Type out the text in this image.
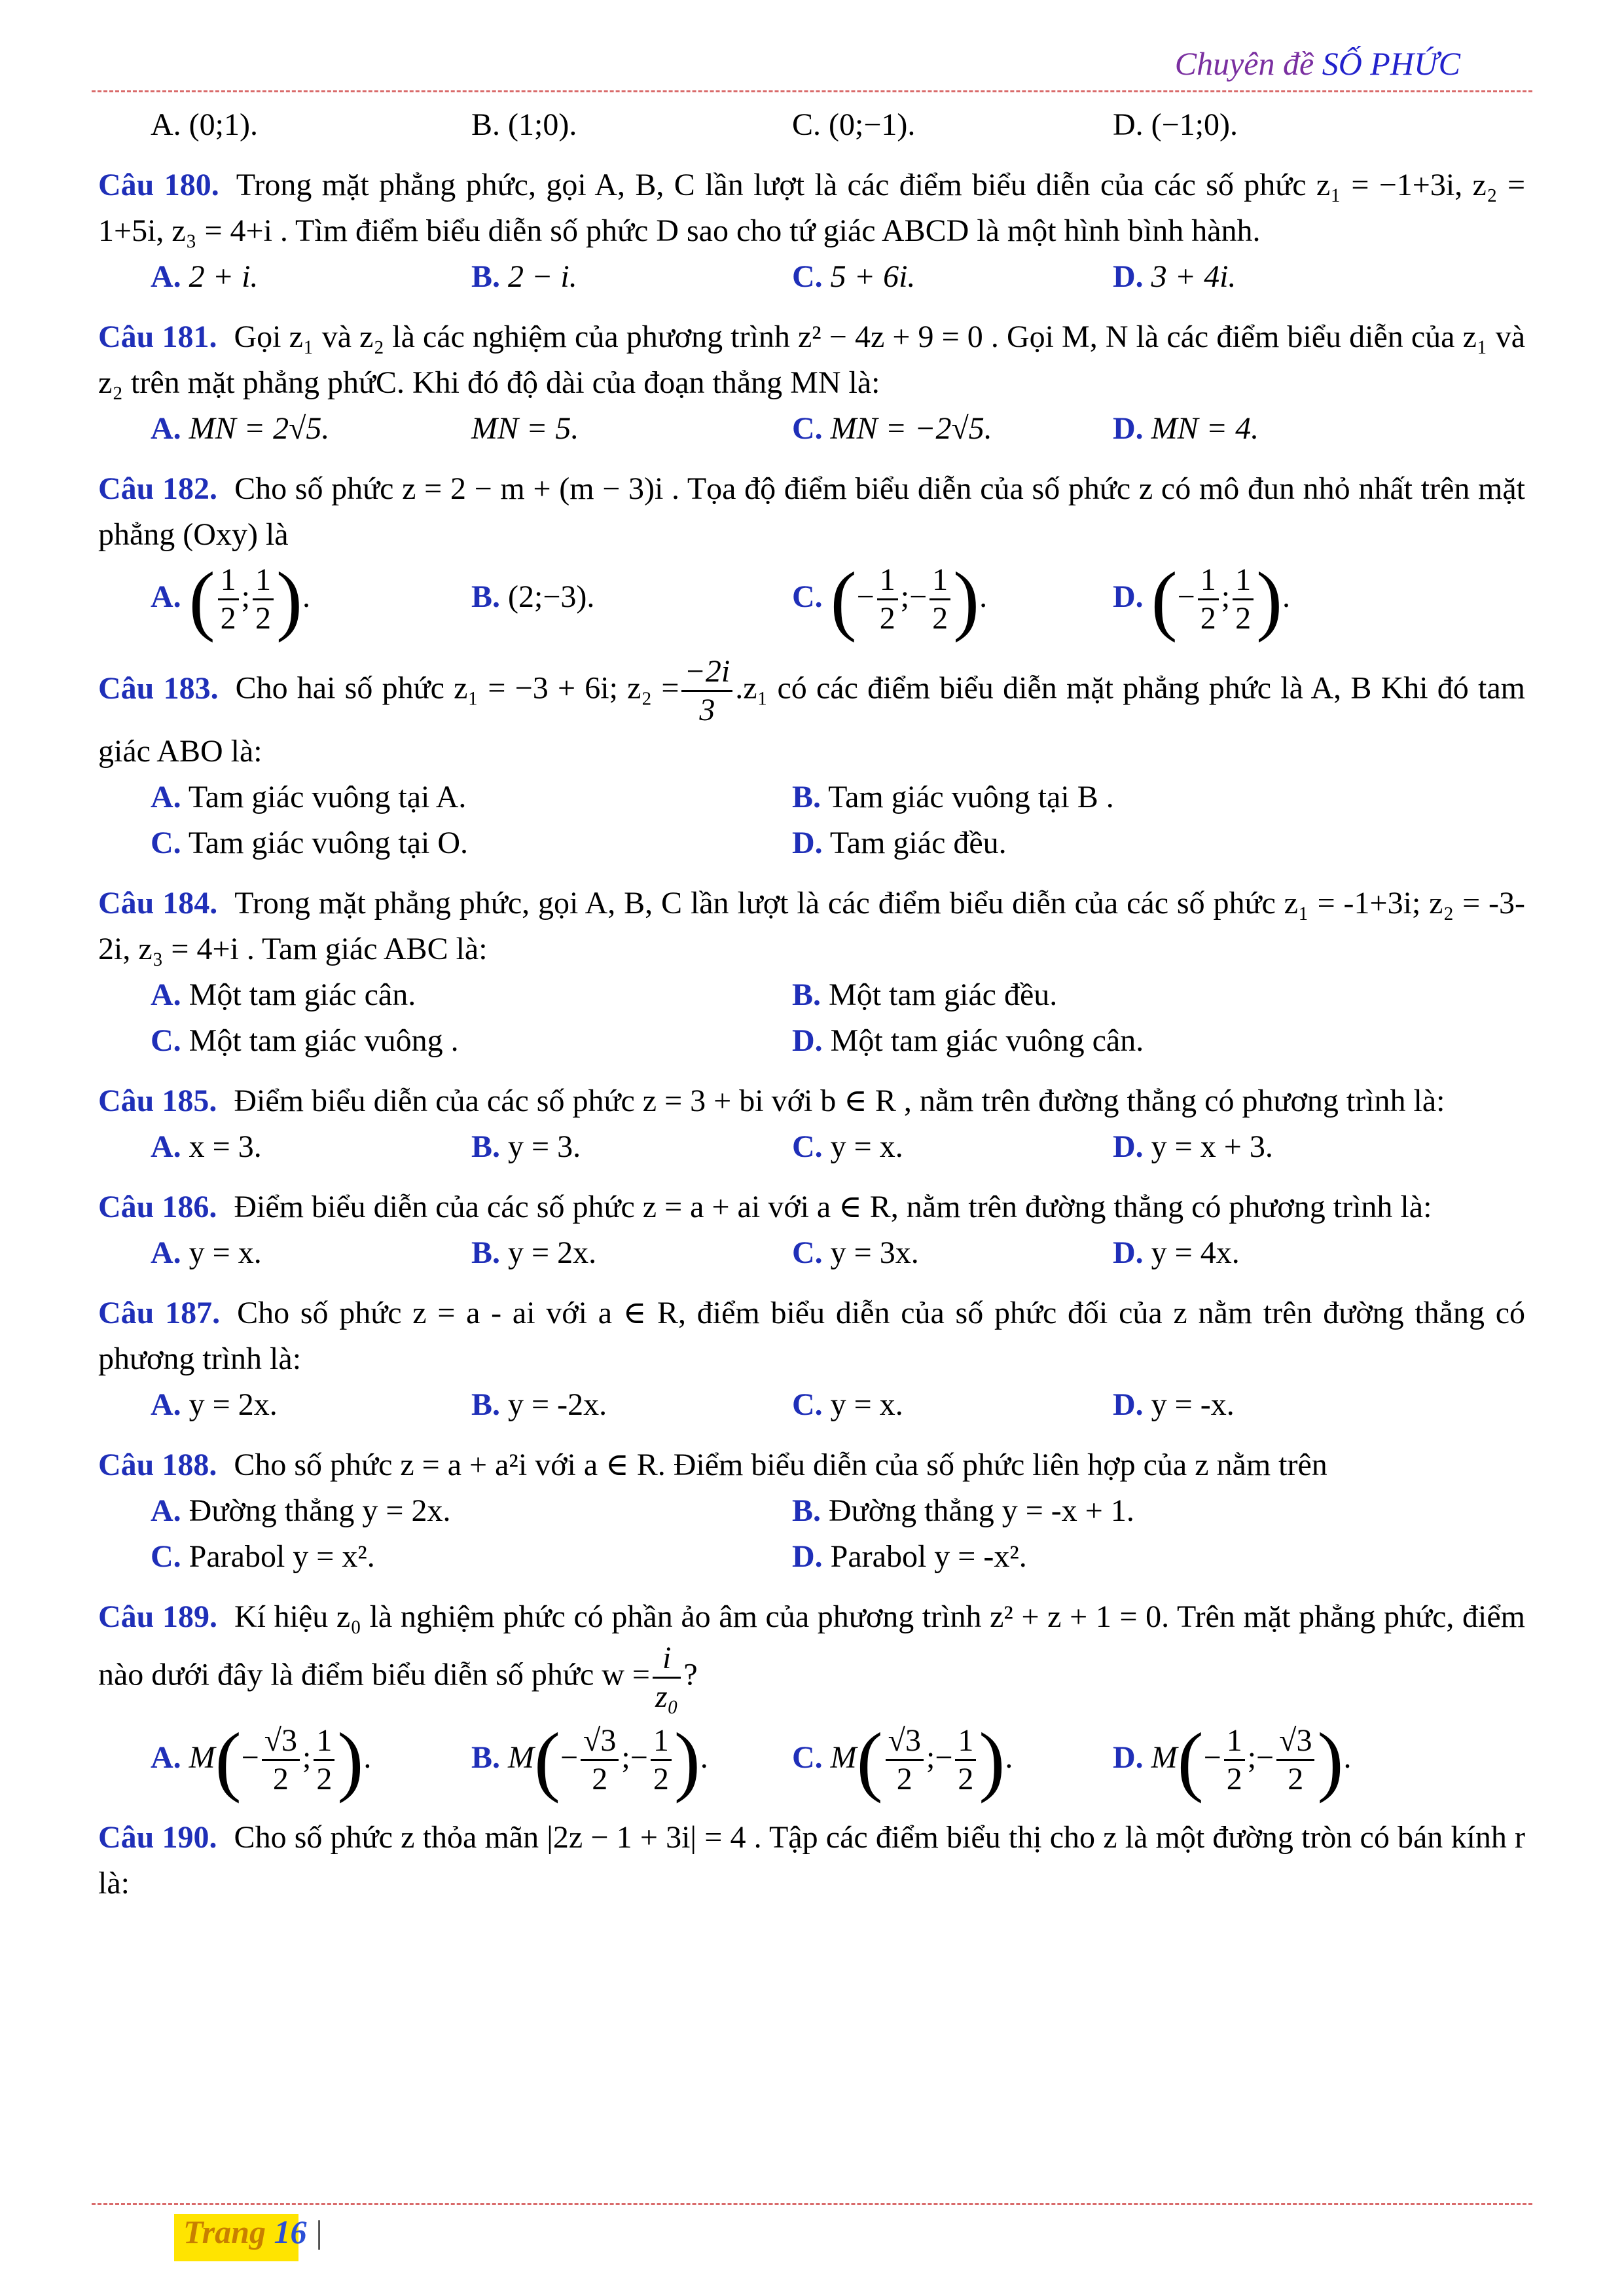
Chuyên đề SỐ PHỨC
A. (0;1).	B. (1;0).	C. (0;−1).	D. (−1;0).
Câu 180. Trong mặt phẳng phức, gọi A, B, C lần lượt là các điểm biểu diễn của các số phức z₁ = −1+3i, z₂ = 1+5i, z₃ = 4+i . Tìm điểm biểu diễn số phức D sao cho tứ giác ABCD là một hình bình hành.
A. 2 + i.	B. 2 − i.	C. 5 + 6i.	D. 3 + 4i.
Câu 181. Gọi z₁ và z₂ là các nghiệm của phương trình z² − 4z + 9 = 0 . Gọi M, N là các điểm biểu diễn của z₁ và z₂ trên mặt phẳng phứC. Khi đó độ dài của đoạn thẳng MN là:
A. MN = 2√5.	MN = 5.	C. MN = −2√5.	D. MN = 4.
Câu 182. Cho số phức z = 2 − m + (m − 3)i . Tọa độ điểm biểu diễn của số phức z có mô đun nhỏ nhất trên mặt phẳng (Oxy) là
A. ( $\frac{1}{2}$ ; $\frac{1}{2}$ ).	B. (2;−3).	C. (− $\frac{1}{2}$ ;− $\frac{1}{2}$ ).	D. (− $\frac{1}{2}$ ; $\frac{1}{2}$ ).
Câu 183. Cho hai số phức z₁ = −3 + 6i; $z_2 = \frac{-2i}{3} .z_1$ có các điểm biểu diễn mặt phẳng phức là A, B Khi đó tam giác ABO là:
A. Tam giác vuông tại A.	B. Tam giác vuông tại B .
C. Tam giác vuông tại O.	D. Tam giác đều.
Câu 184. Trong mặt phẳng phức, gọi A, B, C lần lượt là các điểm biểu diễn của các số phức z₁ = -1+3i; z₂ = -3-2i, z₃ = 4+i . Tam giác ABC là:
A. Một tam giác cân.	B. Một tam giác đều.
C. Một tam giác vuông .	D. Một tam giác vuông cân.
Câu 185. Điểm biểu diễn của các số phức z = 3 + bi với b ∈ R , nằm trên đường thẳng có phương trình là:
A. x = 3.	B. y = 3.	C. y = x.	D. y = x + 3.
Câu 186. Điểm biểu diễn của các số phức z = a + ai với a ∈ R, nằm trên đường thẳng có phương trình là:
A. y = x.	B. y = 2x.	C. y = 3x.	D. y = 4x.
Câu 187. Cho số phức z = a - ai với a ∈ R, điểm biểu diễn của số phức đối của z nằm trên đường thẳng có phương trình là:
A. y = 2x.	B. y = -2x.	C. y = x.	D. y = -x.
Câu 188. Cho số phức z = a + a²i với a ∈ R. Điểm biểu diễn của số phức liên hợp của z nằm trên
A. Đường thẳng y = 2x.	B. Đường thẳng y = -x + 1.
C. Parabol y = x².	D. Parabol y = -x².
Câu 189. Kí hiệu z₀ là nghiệm phức có phần ảo âm của phương trình z² + z + 1 = 0. Trên mặt phẳng phức, điểm nào dưới đây là điểm biểu diễn số phức $w = \frac{i}{\text{z₀}}$ ?
A. $M(- \frac{√3}{2}$ ; $\frac{1}{2}$ ).	B. $M(- \frac{√3}{2}$ ;− $\frac{1}{2}$ ).	C. $M( \frac{√3}{2}$ ;− $\frac{1}{2}$ ).	D. $M(- \frac{1}{2}$ ;− $\frac{√3}{2}$ ).
Câu 190. Cho số phức z thỏa mãn |2z − 1 + 3i| = 4 . Tập các điểm biểu thị cho z là một đường tròn có bán kính r là:
Trang 16 |
